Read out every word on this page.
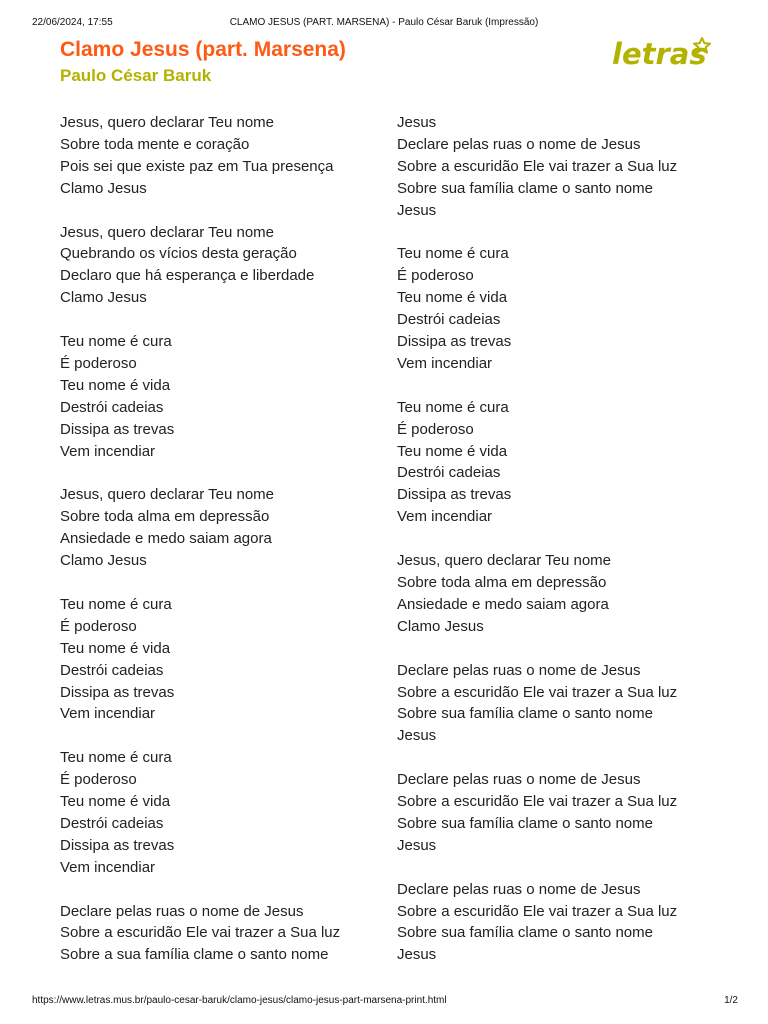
22/06/2024, 17:55	CLAMO JESUS (PART. MARSENA) - Paulo César Baruk (Impressão)
Clamo Jesus (part. Marsena)
Paulo César Baruk
letras

Jesus, quero declarar Teu nome
Sobre toda mente e coração
Pois sei que existe paz em Tua presença
Clamo Jesus

Jesus, quero declarar Teu nome
Quebrando os vícios desta geração
Declaro que há esperança e liberdade
Clamo Jesus

Teu nome é cura
É poderoso
Teu nome é vida
Destrói cadeias
Dissipa as trevas
Vem incendiar

Jesus, quero declarar Teu nome
Sobre toda alma em depressão
Ansiedade e medo saiam agora
Clamo Jesus

Teu nome é cura
É poderoso
Teu nome é vida
Destrói cadeias
Dissipa as trevas
Vem incendiar

Teu nome é cura
É poderoso
Teu nome é vida
Destrói cadeias
Dissipa as trevas
Vem incendiar

Declare pelas ruas o nome de Jesus
Sobre a escuridão Ele vai trazer a Sua luz
Sobre a sua família clame o santo nome

Jesus
Declare pelas ruas o nome de Jesus
Sobre a escuridão Ele vai trazer a Sua luz
Sobre sua família clame o santo nome
Jesus

Teu nome é cura
É poderoso
Teu nome é vida
Destrói cadeias
Dissipa as trevas
Vem incendiar

Teu nome é cura
É poderoso
Teu nome é vida
Destrói cadeias
Dissipa as trevas
Vem incendiar

Jesus, quero declarar Teu nome
Sobre toda alma em depressão
Ansiedade e medo saiam agora
Clamo Jesus

Declare pelas ruas o nome de Jesus
Sobre a escuridão Ele vai trazer a Sua luz
Sobre sua família clame o santo nome
Jesus

Declare pelas ruas o nome de Jesus
Sobre a escuridão Ele vai trazer a Sua luz
Sobre sua família clame o santo nome
Jesus

Declare pelas ruas o nome de Jesus
Sobre a escuridão Ele vai trazer a Sua luz
Sobre sua família clame o santo nome
Jesus

https://www.letras.mus.br/paulo-cesar-baruk/clamo-jesus/clamo-jesus-part-marsena-print.html	1/2
